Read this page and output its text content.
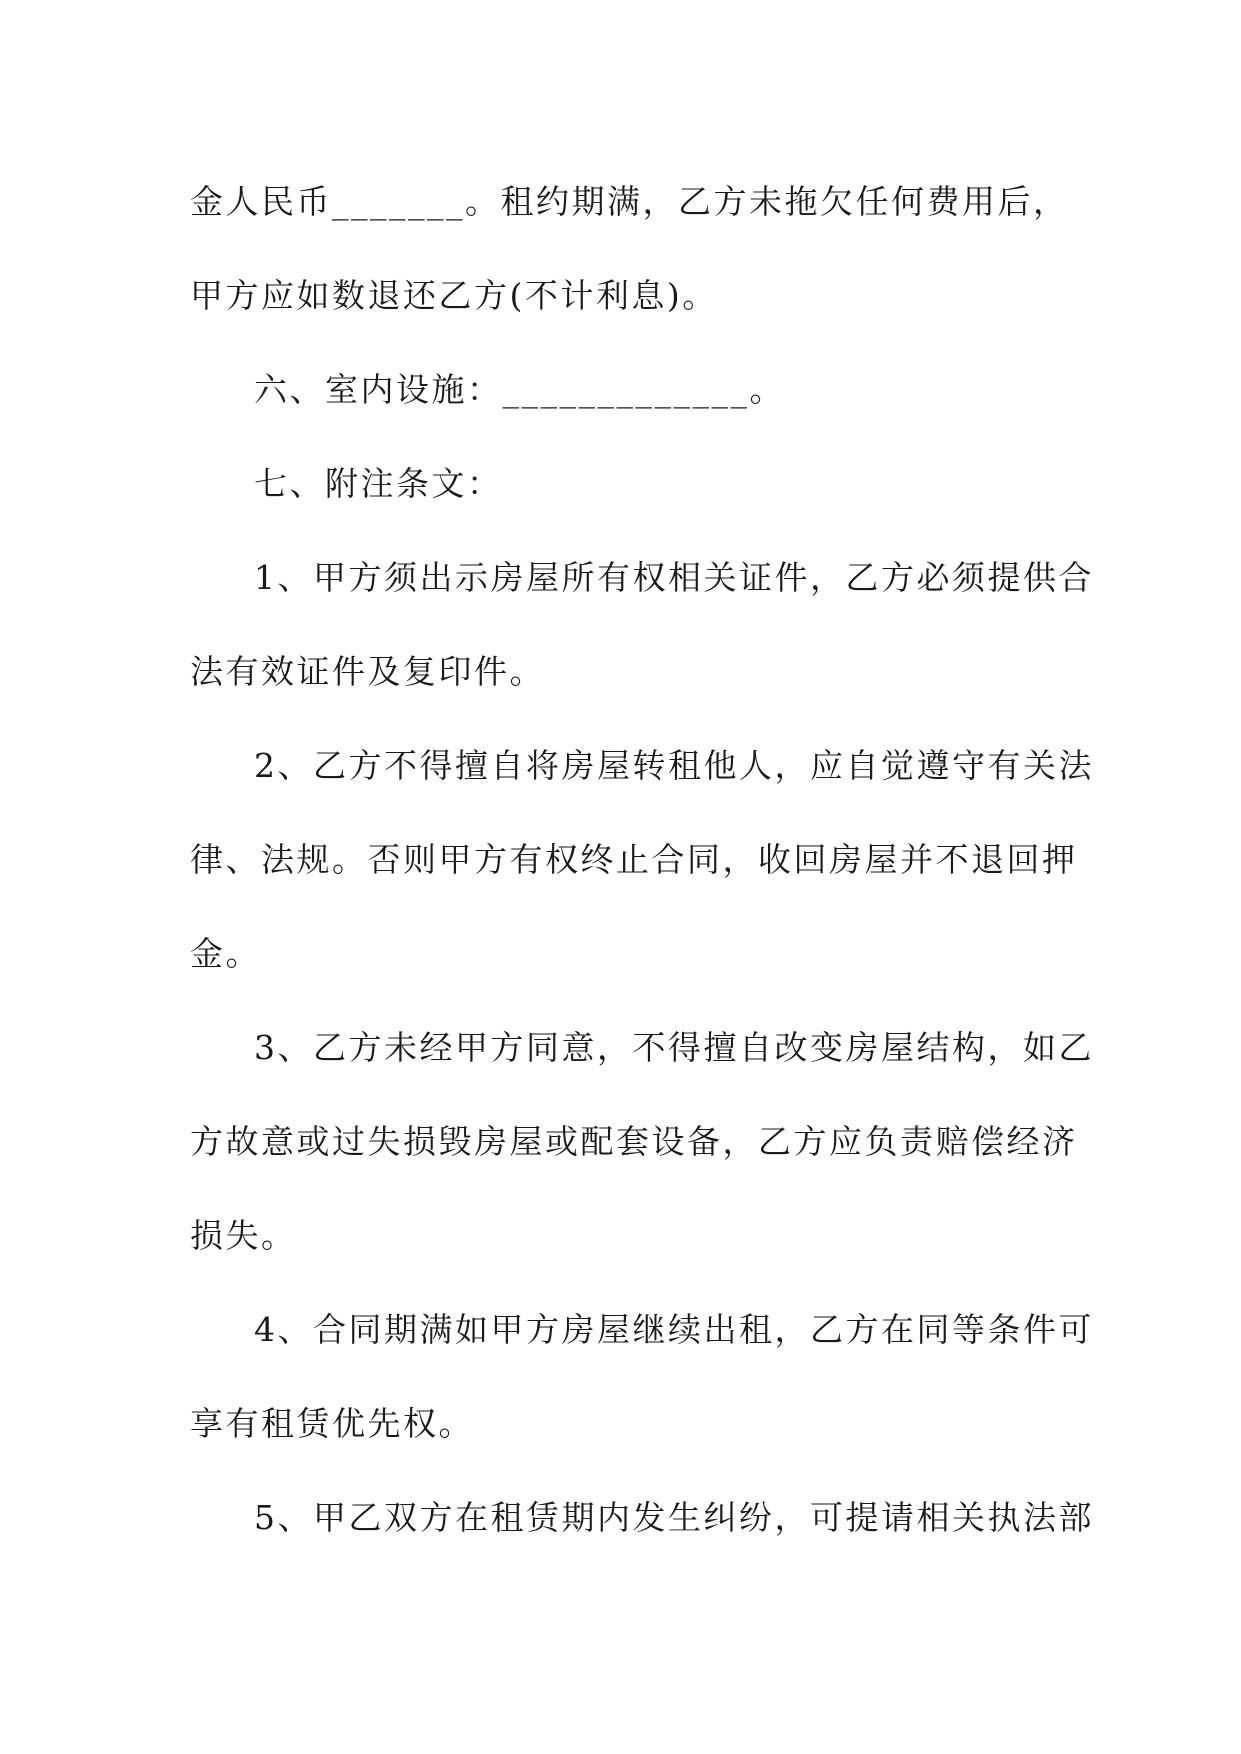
金人民币_______。租约期满，乙方未拖欠任何费用后，
甲方应如数退还乙方(不计利息)。
六、室内设施：_____________。
七、附注条文：
1、甲方须出示房屋所有权相关证件，乙方必须提供合
法有效证件及复印件。
2、乙方不得擅自将房屋转租他人，应自觉遵守有关法
律、法规。否则甲方有权终止合同，收回房屋并不退回押
金。
3、乙方未经甲方同意，不得擅自改变房屋结构，如乙
方故意或过失损毁房屋或配套设备，乙方应负责赔偿经济
损失。
4、合同期满如甲方房屋继续出租，乙方在同等条件可
享有租赁优先权。
5、甲乙双方在租赁期内发生纠纷，可提请相关执法部
